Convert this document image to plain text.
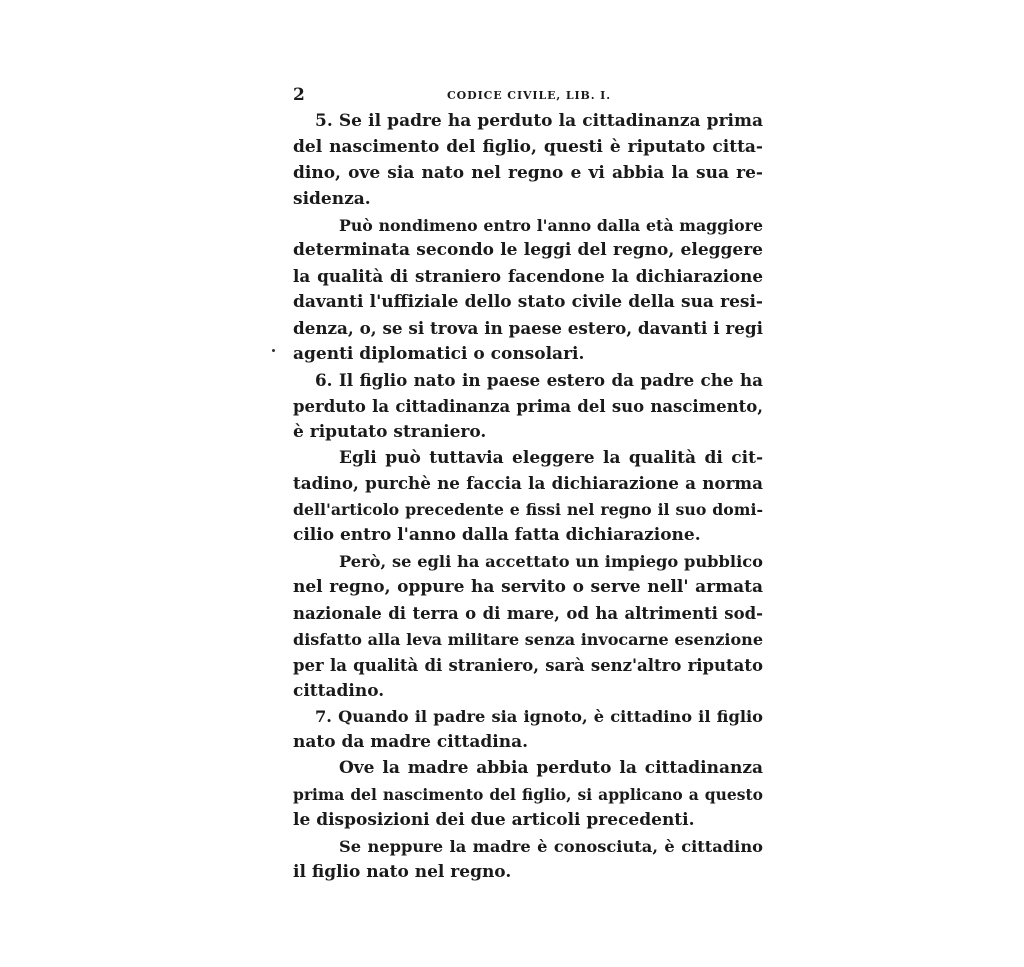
2	CODICE CIVILE, LIB. I.
5. Se il padre ha perduto la cittadinanza prima
del nascimento del figlio, questi è riputato citta-
dino, ove sia nato nel regno e vi abbia la sua re-
sidenza.
Può nondimeno entro l'anno dalla età maggiore
determinata secondo le leggi del regno, eleggere
la qualità di straniero facendone la dichiarazione
davanti l'uffiziale dello stato civile della sua resi-
denza, o, se si trova in paese estero, davanti i regi
agenti diplomatici o consolari.
6. Il figlio nato in paese estero da padre che ha
perduto la cittadinanza prima del suo nascimento,
è riputato straniero.
Egli può tuttavia eleggere la qualità di cit-
tadino, purchè ne faccia la dichiarazione a norma
dell'articolo precedente e fissi nel regno il suo domi-
cilio entro l'anno dalla fatta dichiarazione.
Però, se egli ha accettato un impiego pubblico
nel regno, oppure ha servito o serve nell' armata
nazionale di terra o di mare, od ha altrimenti sod-
disfatto alla leva militare senza invocarne esenzione
per la qualità di straniero, sarà senz'altro riputato
cittadino.
7. Quando il padre sia ignoto, è cittadino il figlio
nato da madre cittadina.
Ove la madre abbia perduto la cittadinanza
prima del nascimento del figlio, si applicano a questo
le disposizioni dei due articoli precedenti.
Se neppure la madre è conosciuta, è cittadino
il figlio nato nel regno.
